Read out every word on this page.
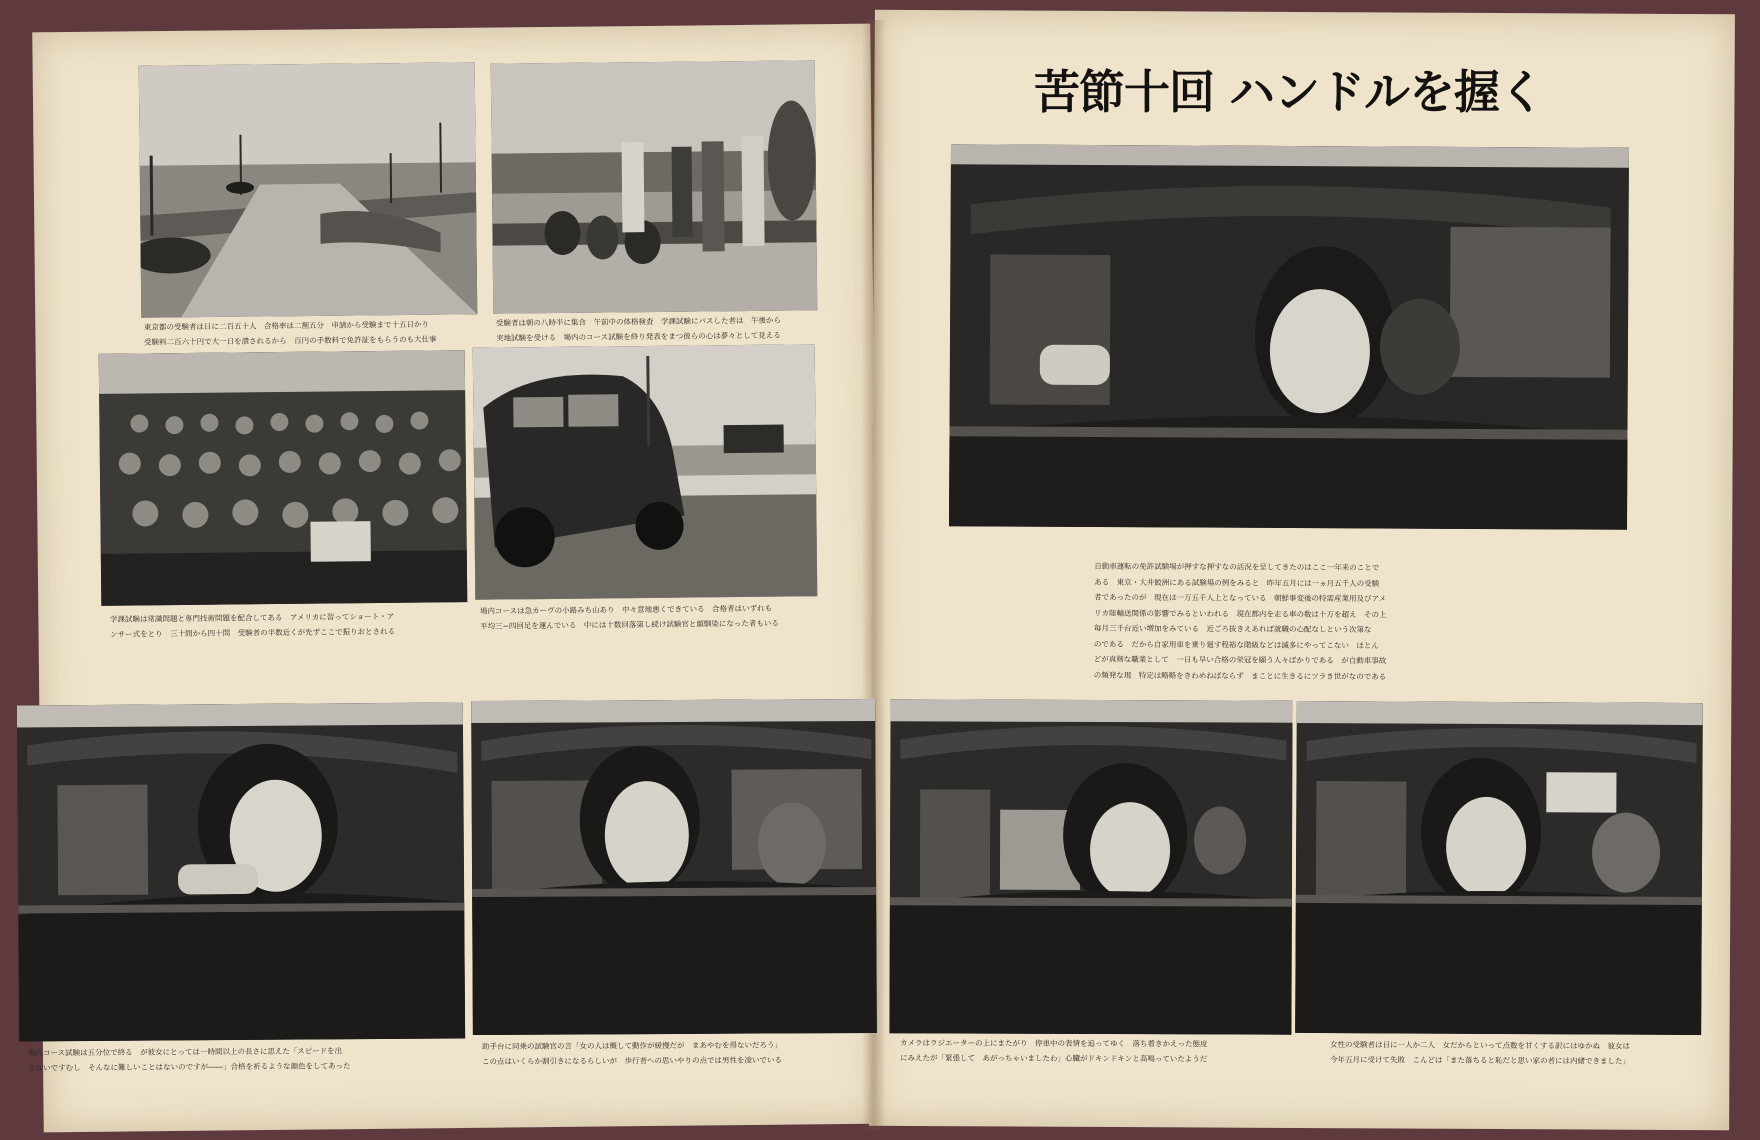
東京都の受験者は日に二百五十人　合格率は二割五分　申請から受験まで十五日かり
受験料二百六十円で大一日を潰されるから　百円の手数料で免許証をもらうのも大仕事
受験者は朝の八時半に集合　午前中の体格検査　学課試験にパスした者は　午後から
実地試験を受ける　場内のコース試験を終り発表をまつ彼らの心は夢々として見える
学課試験は常識問題と専門技術問題を配合してある　アメリカに習ってショート・ア
ンサー式をとり　三十問から四十問　受験者の半数近くが先ずここで振りおとされる
場内コースは急カーヴの小路みち山あり　中々意地悪くできている　合格者はいずれも
平均三−四回足を運んでいる　中には十数回落第し続け試験官と顔馴染になった者もいる
苦節十回 ハンドルを握く
自動車運転の免許試験場が押すな押すなの活況を呈してきたのはここ一年来のことで
ある　東京・大井鮫洲にある試験場の例をみると　昨年五月には一ヵ月五千人の受験
者であったのが　現在は一万五千人上となっている　朝鮮事変後の特需産業用及びアメ
リカ陸輸送関係の影響でみるといわれる　現在都内を走る車の数は十万を超え　その上
毎月三千台近い増加をみている　近ごろ抜きえあれば就職の心配なしという次第な
のである　だから自家用車を乗り廻す程裕な階級などは滅多にやってこない　ほとん
どが真剣な職業として　一日も早い合格の栄冠を願う人々ばかりである　が自動車事故
の頻発な現　特定は略略をきわめねばならず　まことに生きるにツラき世がなのである
場内コース試験は五分位で終る　が彼女にとっては一時間以上の長さに思えた「スピードを出
さないですむし　そんなに難しいことはないのですが――」合格を祈るような顔色をしてあった
助手台に同乗の試験官の言「女の人は概して動作が緩慢だが　まあやむを得ないだろう」
この点はいくらか割引きになるらしいが　歩行者への思いやりの点では男性を凌いでいる
カメラはラジエーターの上にまたがり　停車中の表情を追ってゆく　落ち着きかえった態度
にみえたが「緊張して　あがっちゃいましたわ」心臓がドキンドキンと高鳴っていたようだ
女性の受験者は日に一人か二人　女だからといって点数を甘くする訳にはゆかぬ　彼女は
今年五月に受けて失敗　こんどは「また落ちると恥だと思い家の者には内緒できました」
